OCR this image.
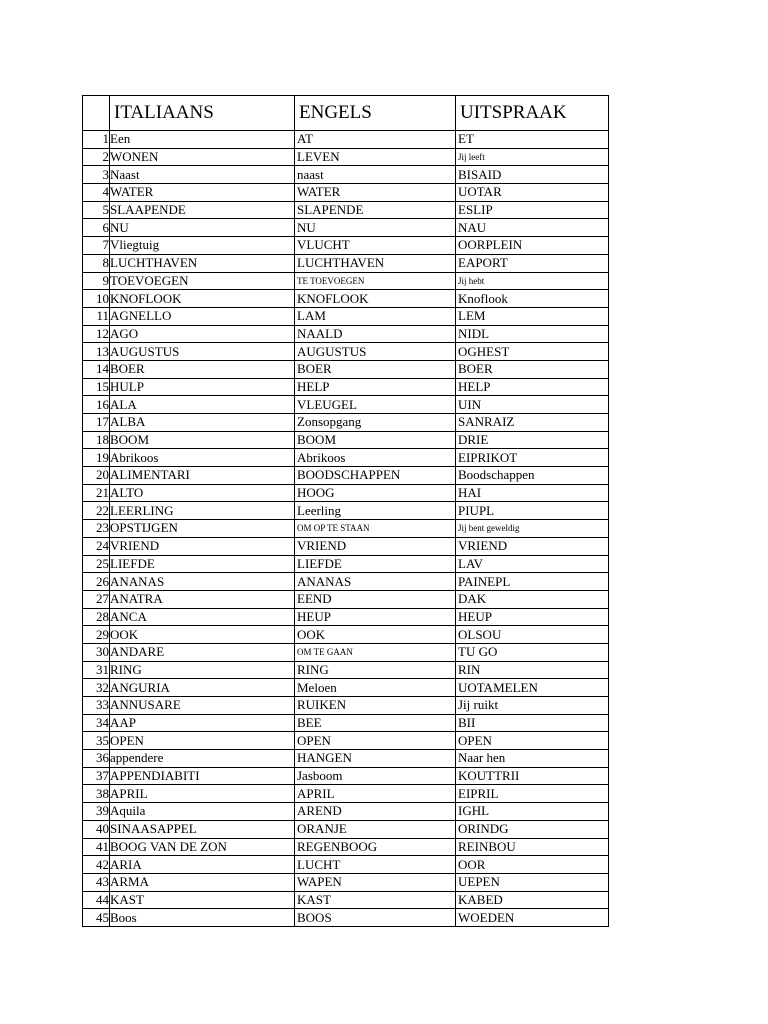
	ITALIAANS	ENGELS	UITSPRAAK
1	Een	AT	ET
2	WONEN	LEVEN	Jij leeft
3	Naast	naast	BISAID
4	WATER	WATER	UOTAR
5	SLAAPENDE	SLAPENDE	ESLIP
6	NU	NU	NAU
7	Vliegtuig	VLUCHT	OORPLEIN
8	LUCHTHAVEN	LUCHTHAVEN	EAPORT
9	TOEVOEGEN	TE TOEVOEGEN	Jij hebt
10	KNOFLOOK	KNOFLOOK	Knoflook
11	AGNELLO	LAM	LEM
12	AGO	NAALD	NIDL
13	AUGUSTUS	AUGUSTUS	OGHEST
14	BOER	BOER	BOER
15	HULP	HELP	HELP
16	ALA	VLEUGEL	UIN
17	ALBA	Zonsopgang	SANRAIZ
18	BOOM	BOOM	DRIE
19	Abrikoos	Abrikoos	EIPRIKOT
20	ALIMENTARI	BOODSCHAPPEN	Boodschappen
21	ALTO	HOOG	HAI
22	LEERLING	Leerling	PIUPL
23	OPSTIJGEN	OM OP TE STAAN	Jij bent geweldig
24	VRIEND	VRIEND	VRIEND
25	LIEFDE	LIEFDE	LAV
26	ANANAS	ANANAS	PAINEPL
27	ANATRA	EEND	DAK
28	ANCA	HEUP	HEUP
29	OOK	OOK	OLSOU
30	ANDARE	OM TE GAAN	TU GO
31	RING	RING	RIN
32	ANGURIA	Meloen	UOTAMELEN
33	ANNUSARE	RUIKEN	Jij ruikt
34	AAP	BEE	BII
35	OPEN	OPEN	OPEN
36	appendere	HANGEN	Naar hen
37	APPENDIABITI	Jasboom	KOUTTRII
38	APRIL	APRIL	EIPRIL
39	Aquila	AREND	IGHL
40	SINAASAPPEL	ORANJE	ORINDG
41	BOOG VAN DE ZON	REGENBOOG	REINBOU
42	ARIA	LUCHT	OOR
43	ARMA	WAPEN	UEPEN
44	KAST	KAST	KABED
45	Boos	BOOS	WOEDEN
